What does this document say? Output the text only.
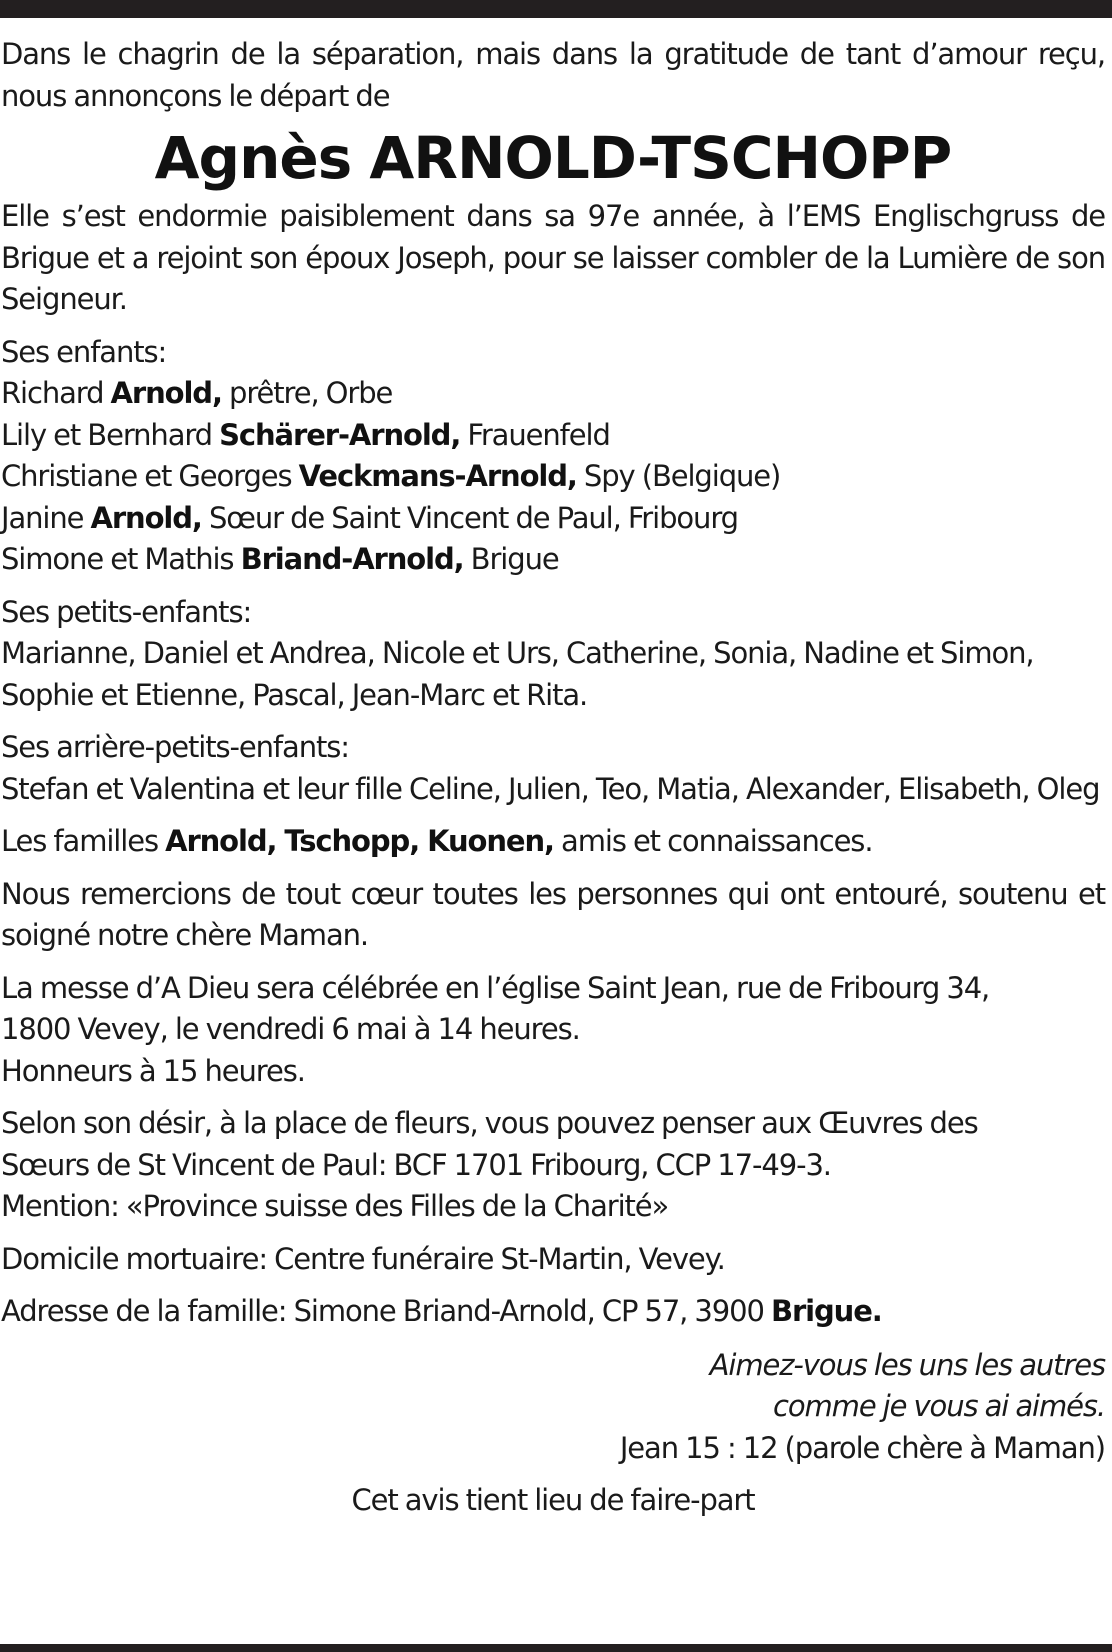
Dans le chagrin de la séparation, mais dans la gratitude de tant d’amour reçu, nous annonçons le départ de

Agnès ARNOLD-TSCHOPP

Elle s’est endormie paisiblement dans sa 97e année, à l’EMS Englischgruss de Brigue et a rejoint son époux Joseph, pour se laisser combler de la Lumière de son Seigneur.

Ses enfants:
Richard Arnold, prêtre, Orbe
Lily et Bernhard Schärer-Arnold, Frauenfeld
Christiane et Georges Veckmans-Arnold, Spy (Belgique)
Janine Arnold, Sœur de Saint Vincent de Paul, Fribourg
Simone et Mathis Briand-Arnold, Brigue
Ses petits-enfants:
Marianne, Daniel et Andrea, Nicole et Urs, Catherine, Sonia, Nadine et Simon, Sophie et Etienne, Pascal, Jean-Marc et Rita.
Ses arrière-petits-enfants:
Stefan et Valentina et leur fille Celine, Julien, Teo, Matia, Alexander, Elisabeth, Oleg

Les familles Arnold, Tschopp, Kuonen, amis et connaissances.

Nous remercions de tout cœur toutes les personnes qui ont entouré, soutenu et soigné notre chère Maman.

La messe d’A Dieu sera célébrée en l’église Saint Jean, rue de Fribourg 34,
1800 Vevey, le vendredi 6 mai à 14 heures.
Honneurs à 15 heures.
Selon son désir, à la place de fleurs, vous pouvez penser aux Œuvres des
Sœurs de St Vincent de Paul: BCF 1701 Fribourg, CCP 17-49-3.
Mention: «Province suisse des Filles de la Charité»

Domicile mortuaire: Centre funéraire St-Martin, Vevey.

Adresse de la famille: Simone Briand-Arnold, CP 57, 3900 Brigue.

Aimez-vous les uns les autres
comme je vous ai aimés.

Jean 15 : 12 (parole chère à Maman)

Cet avis tient lieu de faire-part
